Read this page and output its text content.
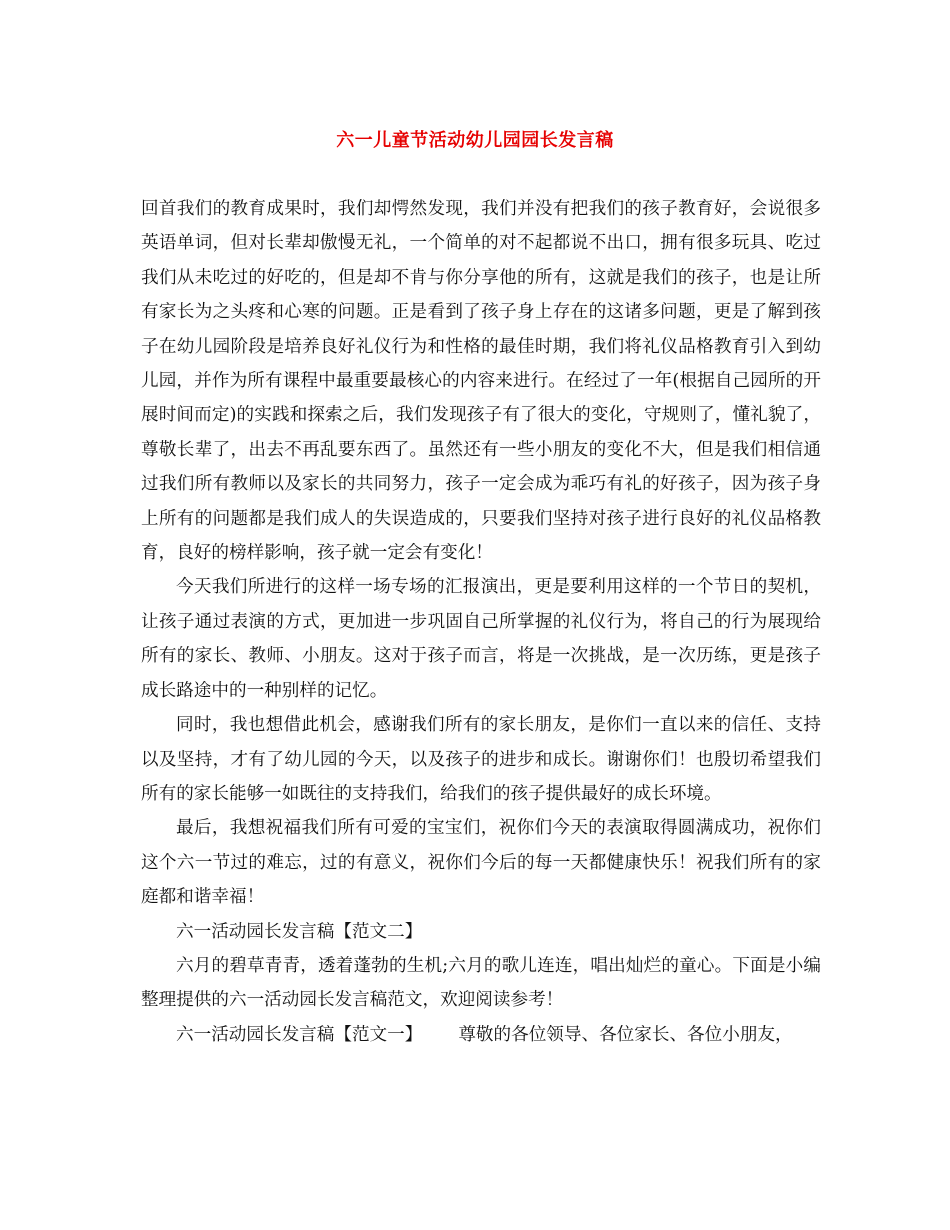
六一儿童节活动幼儿园园长发言稿

回首我们的教育成果时，我们却愕然发现，我们并没有把我们的孩子教育好，会说很多英语单词，但对长辈却傲慢无礼，一个简单的对不起都说不出口，拥有很多玩具、吃过我们从未吃过的好吃的，但是却不肯与你分享他的所有，这就是我们的孩子，也是让所有家长为之头疼和心寒的问题。正是看到了孩子身上存在的这诸多问题，更是了解到孩子在幼儿园阶段是培养良好礼仪行为和性格的最佳时期，我们将礼仪品格教育引入到幼儿园，并作为所有课程中最重要最核心的内容来进行。在经过了一年(根据自己园所的开展时间而定)的实践和探索之后，我们发现孩子有了很大的变化，守规则了，懂礼貌了，尊敬长辈了，出去不再乱要东西了。虽然还有一些小朋友的变化不大，但是我们相信通过我们所有教师以及家长的共同努力，孩子一定会成为乖巧有礼的好孩子，因为孩子身上所有的问题都是我们成人的失误造成的，只要我们坚持对孩子进行良好的礼仪品格教育，良好的榜样影响，孩子就一定会有变化！

今天我们所进行的这样一场专场的汇报演出，更是要利用这样的一个节日的契机，让孩子通过表演的方式，更加进一步巩固自己所掌握的礼仪行为，将自己的行为展现给所有的家长、教师、小朋友。这对于孩子而言，将是一次挑战，是一次历练，更是孩子成长路途中的一种别样的记忆。

同时，我也想借此机会，感谢我们所有的家长朋友，是你们一直以来的信任、支持以及坚持，才有了幼儿园的今天，以及孩子的进步和成长。谢谢你们！也殷切希望我们所有的家长能够一如既往的支持我们，给我们的孩子提供最好的成长环境。

最后，我想祝福我们所有可爱的宝宝们，祝你们今天的表演取得圆满成功，祝你们这个六一节过的难忘，过的有意义，祝你们今后的每一天都健康快乐！祝我们所有的家庭都和谐幸福！

六一活动园长发言稿【范文二】

六月的碧草青青，透着蓬勃的生机;六月的歌儿连连，唱出灿烂的童心。下面是小编整理提供的六一活动园长发言稿范文，欢迎阅读参考！

六一活动园长发言稿【范文一】 尊敬的各位领导、各位家长、各位小朋友，
